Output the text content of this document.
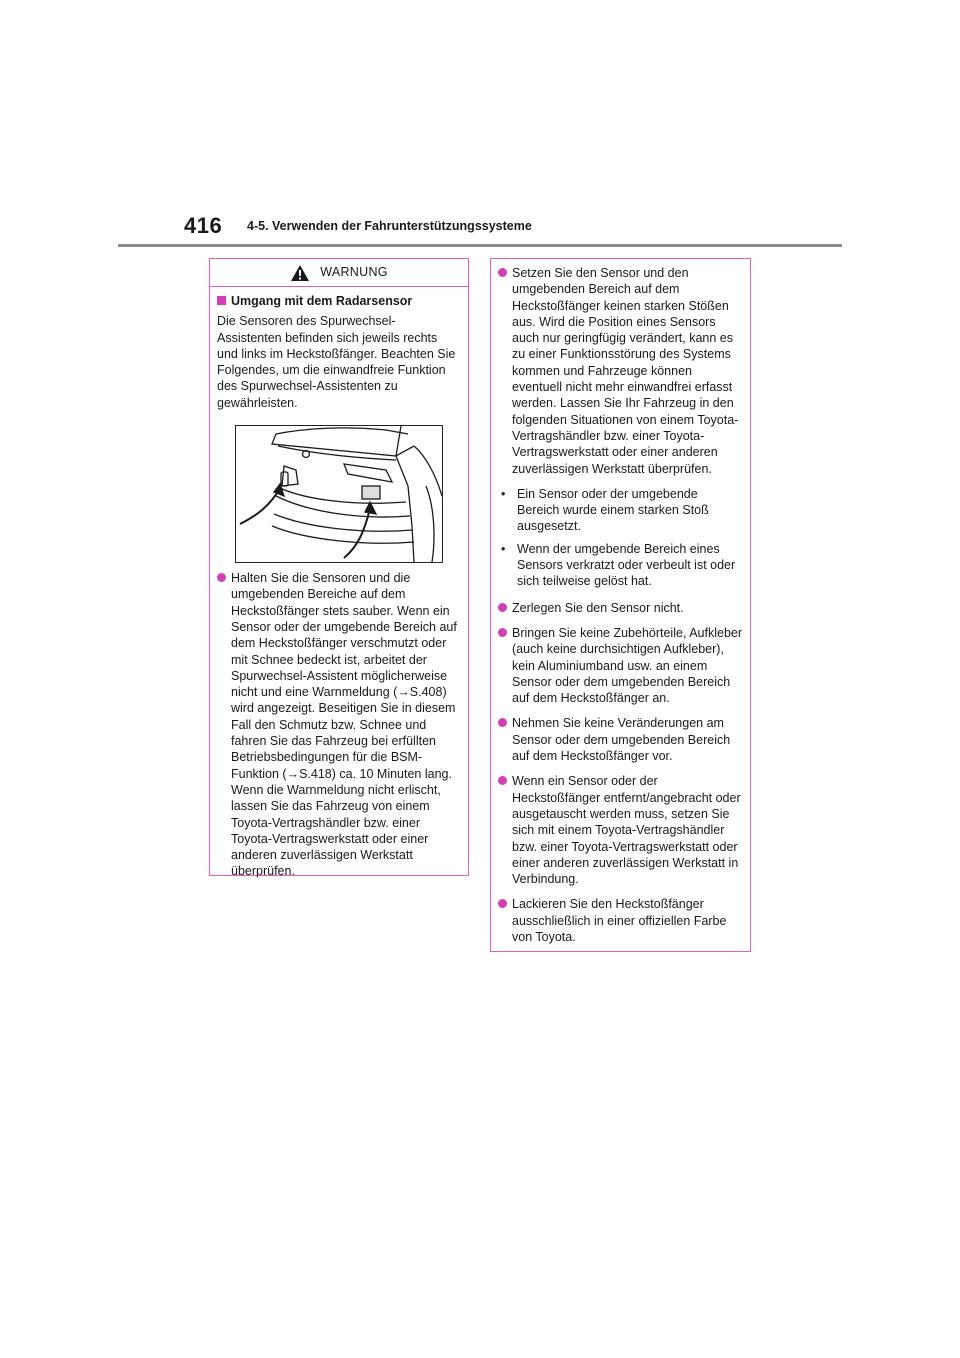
416 4-5. Verwenden der Fahrunterstützungssysteme
WARNUNG
Umgang mit dem Radarsensor

Die Sensoren des Spurwechsel-Assistenten befinden sich jeweils rechts und links im Heckstoßfänger. Beachten Sie Folgendes, um die einwandfreie Funktion des Spurwechsel-Assistenten zu gewährleisten.

Halten Sie die Sensoren und die umgebenden Bereiche auf dem Heckstoßfänger stets sauber. Wenn ein Sensor oder der umgebende Bereich auf dem Heckstoßfänger verschmutzt oder mit Schnee bedeckt ist, arbeitet der Spurwechsel-Assistent möglicherweise nicht und eine Warnmeldung (→S.408) wird angezeigt. Beseitigen Sie in diesem Fall den Schmutz bzw. Schnee und fahren Sie das Fahrzeug bei erfüllten Betriebsbedingungen für die BSM-Funktion (→S.418) ca. 10 Minuten lang. Wenn die Warnmeldung nicht erlischt, lassen Sie das Fahrzeug von einem Toyota-Vertragshändler bzw. einer Toyota-Vertragswerkstatt oder einer anderen zuverlässigen Werkstatt überprüfen.

Setzen Sie den Sensor und den umgebenden Bereich auf dem Heckstoßfänger keinen starken Stößen aus. Wird die Position eines Sensors auch nur geringfügig verändert, kann es zu einer Funktionsstörung des Systems kommen und Fahrzeuge können eventuell nicht mehr einwandfrei erfasst werden. Lassen Sie Ihr Fahrzeug in den folgenden Situationen von einem Toyota-Vertragshändler bzw. einer Toyota-Vertragswerkstatt oder einer anderen zuverlässigen Werkstatt überprüfen.

• Ein Sensor oder der umgebende Bereich wurde einem starken Stoß ausgesetzt.

• Wenn der umgebende Bereich eines Sensors verkratzt oder verbeult ist oder sich teilweise gelöst hat.

Zerlegen Sie den Sensor nicht.

Bringen Sie keine Zubehörteile, Aufkleber (auch keine durchsichtigen Aufkleber), kein Aluminiumband usw. an einem Sensor oder dem umgebenden Bereich auf dem Heckstoßfänger an.

Nehmen Sie keine Veränderungen am Sensor oder dem umgebenden Bereich auf dem Heckstoßfänger vor.

Wenn ein Sensor oder der Heckstoßfänger entfernt/angebracht oder ausgetauscht werden muss, setzen Sie sich mit einem Toyota-Vertragshändler bzw. einer Toyota-Vertragswerkstatt oder einer anderen zuverlässigen Werkstatt in Verbindung.

Lackieren Sie den Heckstoßfänger ausschließlich in einer offiziellen Farbe von Toyota.
